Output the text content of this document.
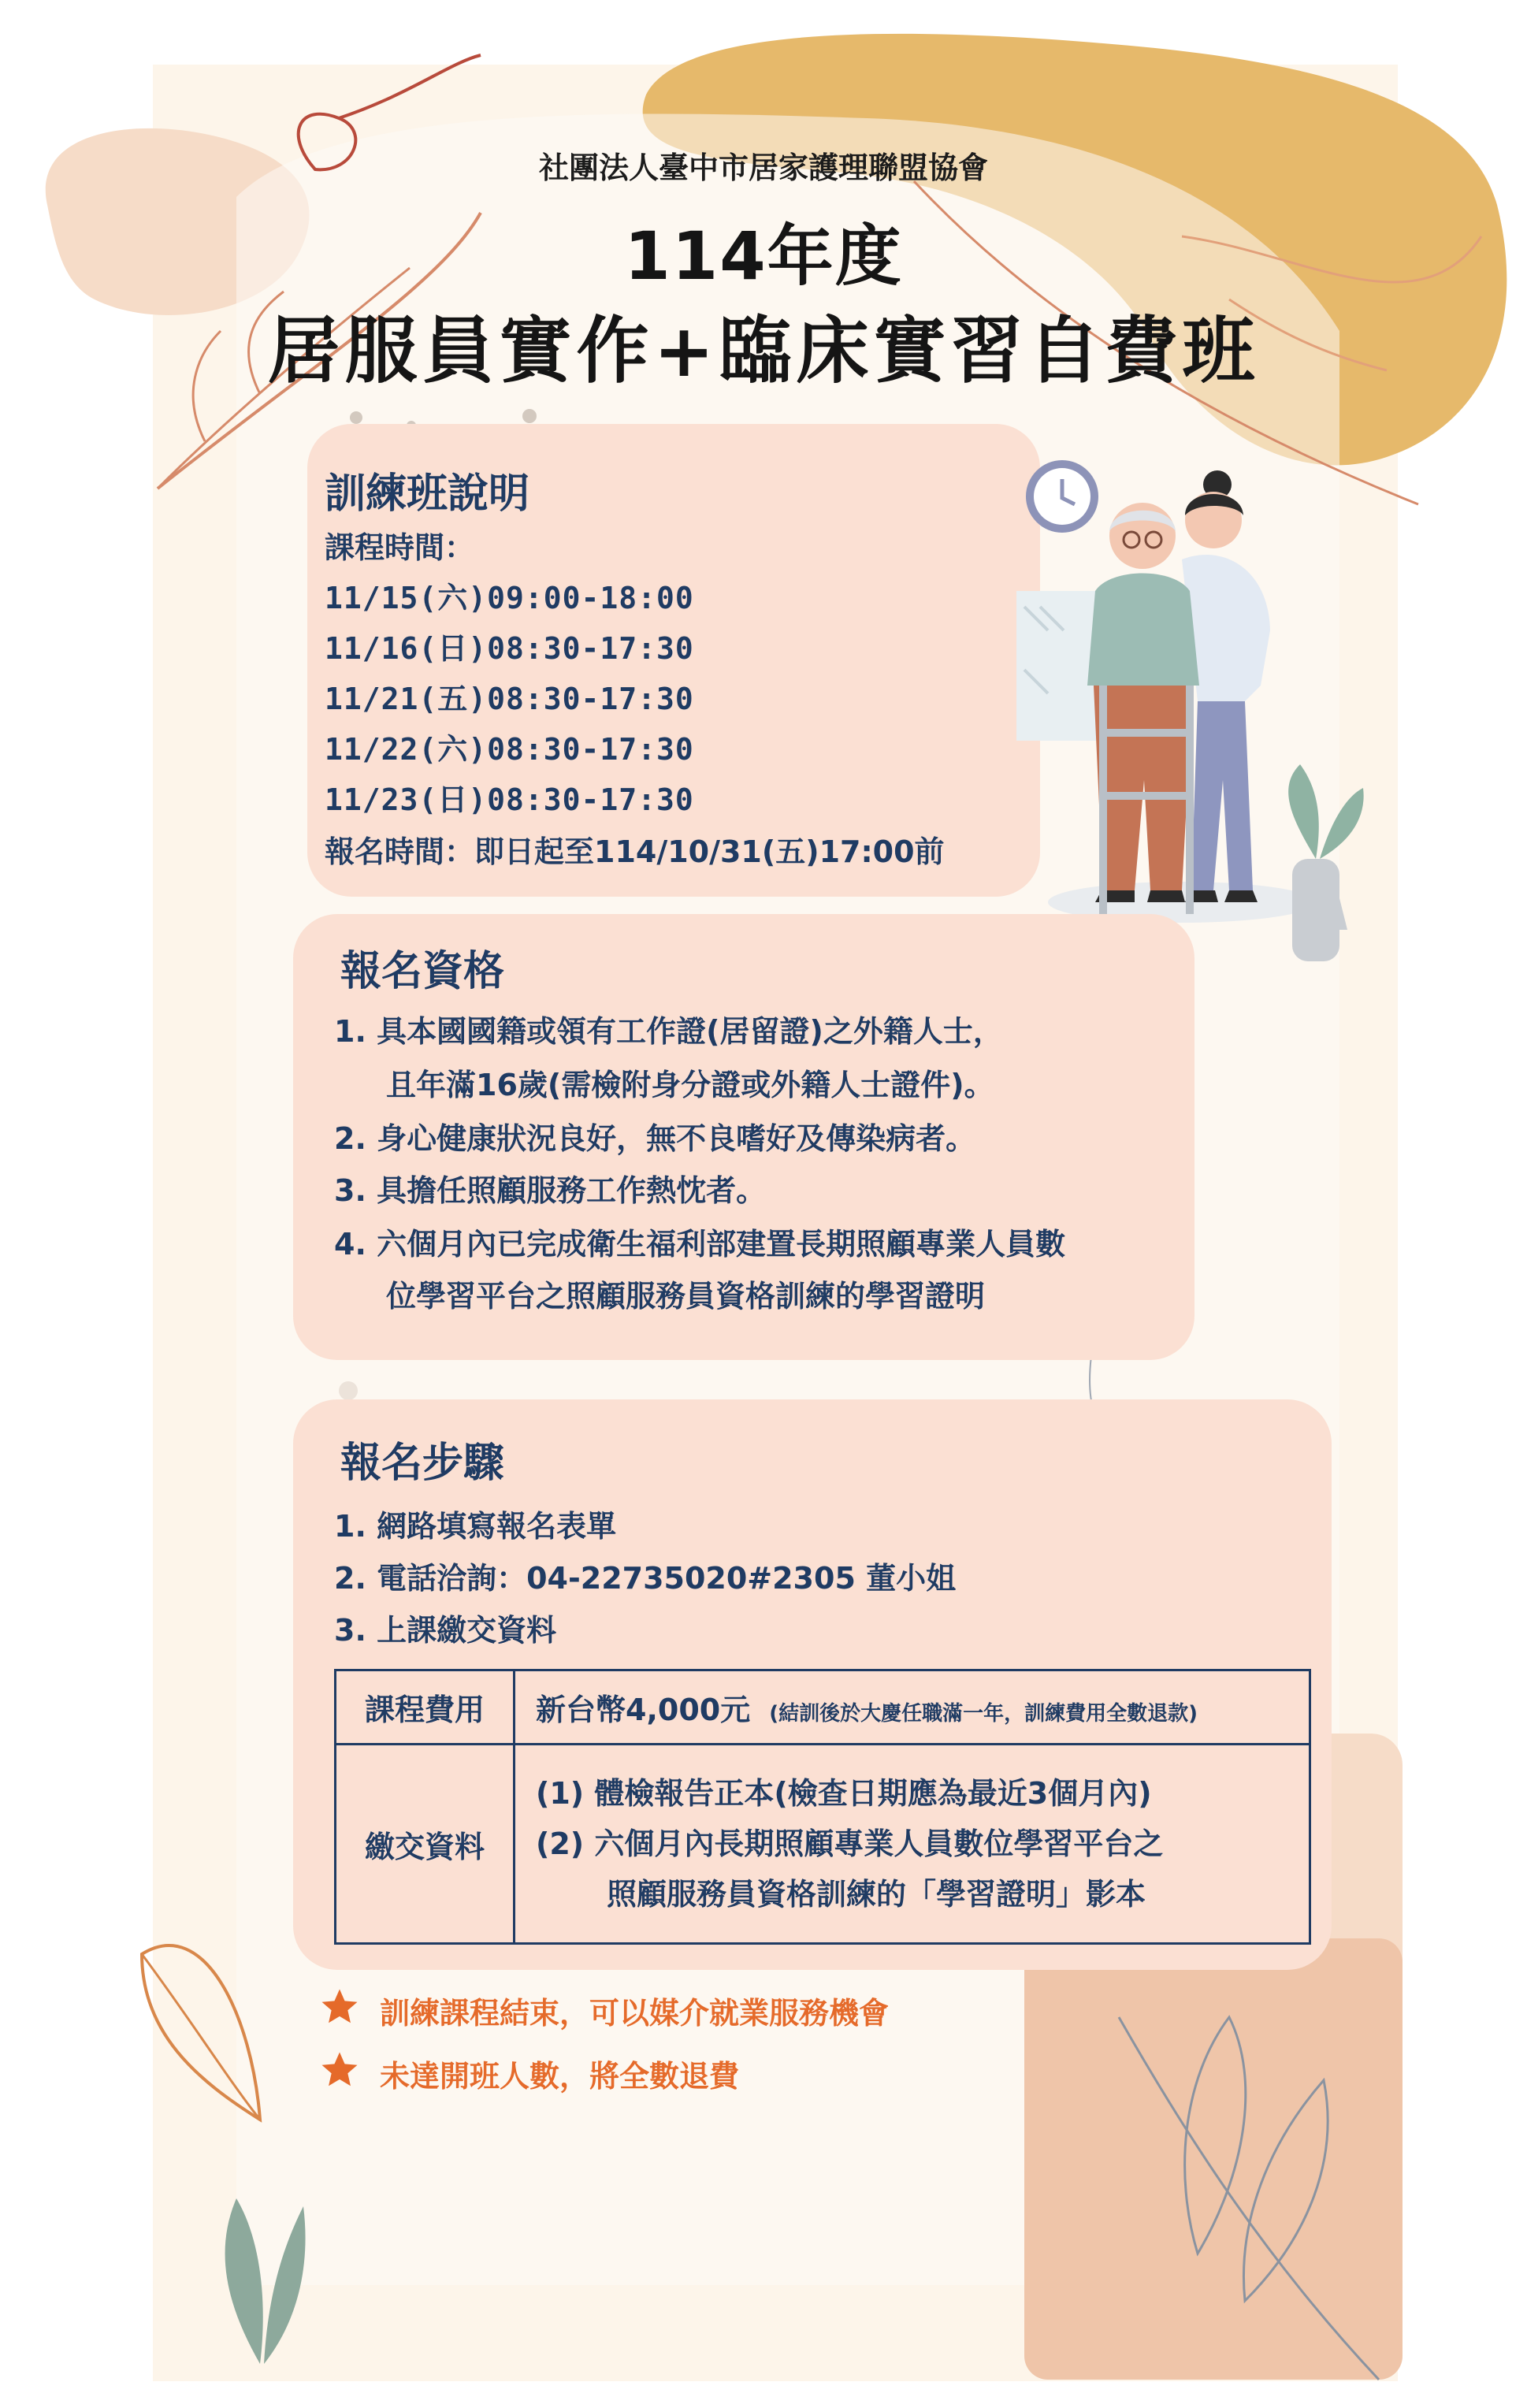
社團法人臺中市居家護理聯盟協會
114年度
居服員實作+臨床實習自費班
訓練班說明
課程時間：
11/15(六)09:00-18:00
11/16(日)08:30-17:30
11/21(五)08:30-17:30
11/22(六)08:30-17:30
11/23(日)08:30-17:30
報名時間：即日起至114/10/31(五)17:00前
報名資格
1. 具本國國籍或領有工作證(居留證)之外籍人士，
且年滿16歲(需檢附身分證或外籍人士證件)。
2. 身心健康狀況良好，無不良嗜好及傳染病者。
3. 具擔任照顧服務工作熱忱者。
4. 六個月內已完成衛生福利部建置長期照顧專業人員數
位學習平台之照顧服務員資格訓練的學習證明
報名步驟
1. 網路填寫報名表單
2. 電話洽詢：04-22735020#2305 董小姐
3. 上課繳交資料
課程費用	新台幣4,000元 (結訓後於大慶任職滿一年，訓練費用全數退款)
繳交資料	(1) 體檢報告正本(檢查日期應為最近3個月內)
(2) 六個月內長期照顧專業人員數位學習平台之
照顧服務員資格訓練的「學習證明」影本
訓練課程結束，可以媒介就業服務機會
未達開班人數，將全數退費
